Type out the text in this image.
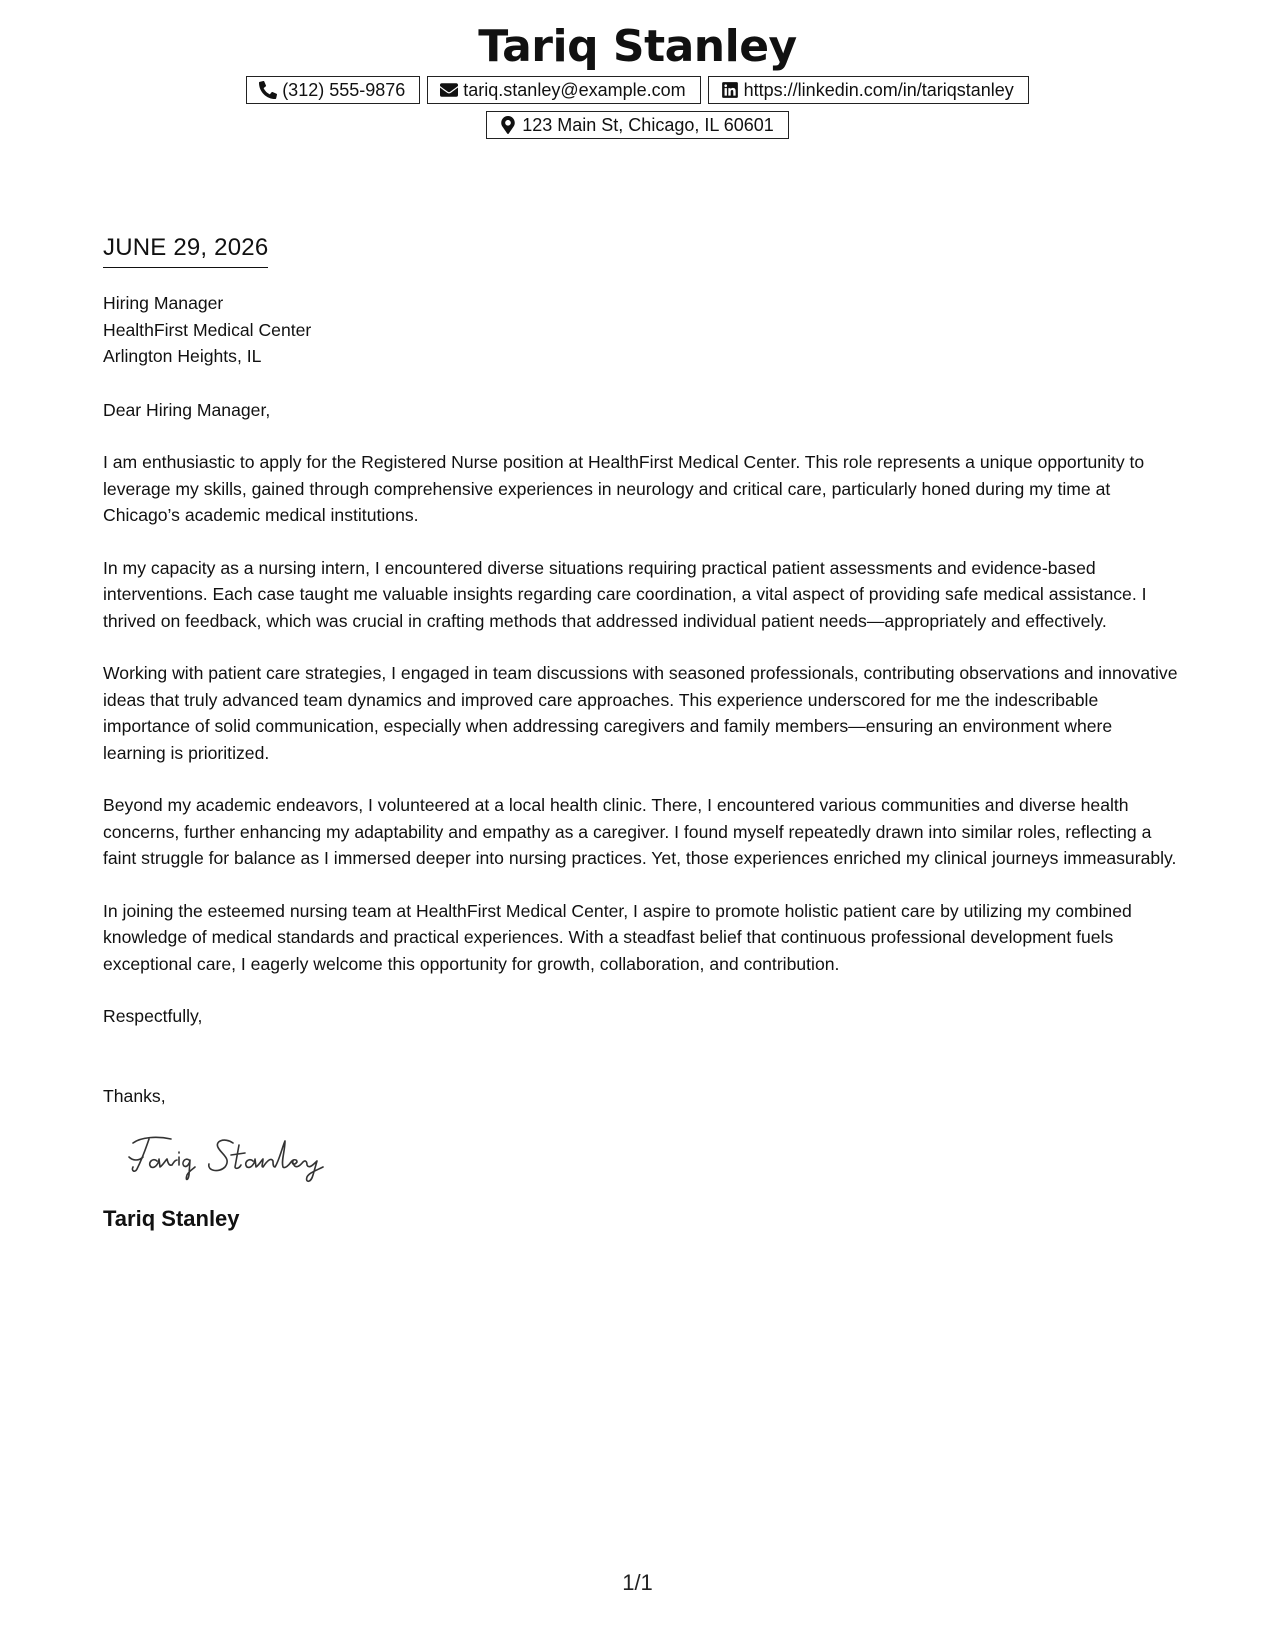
Tariq Stanley
(312) 555-9876	tariq.stanley@example.com	https://linkedin.com/in/tariqstanley
123 Main St, Chicago, IL 60601
JUNE 29, 2026
Hiring Manager
HealthFirst Medical Center
Arlington Heights, IL
Dear Hiring Manager,

I am enthusiastic to apply for the Registered Nurse position at HealthFirst Medical Center. This role represents a unique opportunity to leverage my skills, gained through comprehensive experiences in neurology and critical care, particularly honed during my time at Chicago’s academic medical institutions.

In my capacity as a nursing intern, I encountered diverse situations requiring practical patient assessments and evidence-based interventions. Each case taught me valuable insights regarding care coordination, a vital aspect of providing safe medical assistance. I thrived on feedback, which was crucial in crafting methods that addressed individual patient needs—appropriately and effectively.

Working with patient care strategies, I engaged in team discussions with seasoned professionals, contributing observations and innovative ideas that truly advanced team dynamics and improved care approaches. This experience underscored for me the indescribable importance of solid communication, especially when addressing caregivers and family members—ensuring an environment where learning is prioritized.

Beyond my academic endeavors, I volunteered at a local health clinic. There, I encountered various communities and diverse health concerns, further enhancing my adaptability and empathy as a caregiver. I found myself repeatedly drawn into similar roles, reflecting a faint struggle for balance as I immersed deeper into nursing practices. Yet, those experiences enriched my clinical journeys immeasurably.

In joining the esteemed nursing team at HealthFirst Medical Center, I aspire to promote holistic patient care by utilizing my combined knowledge of medical standards and practical experiences. With a steadfast belief that continuous professional development fuels exceptional care, I eagerly welcome this opportunity for growth, collaboration, and contribution.

Respectfully,
Thanks,
Tariq Stanley
1/1
